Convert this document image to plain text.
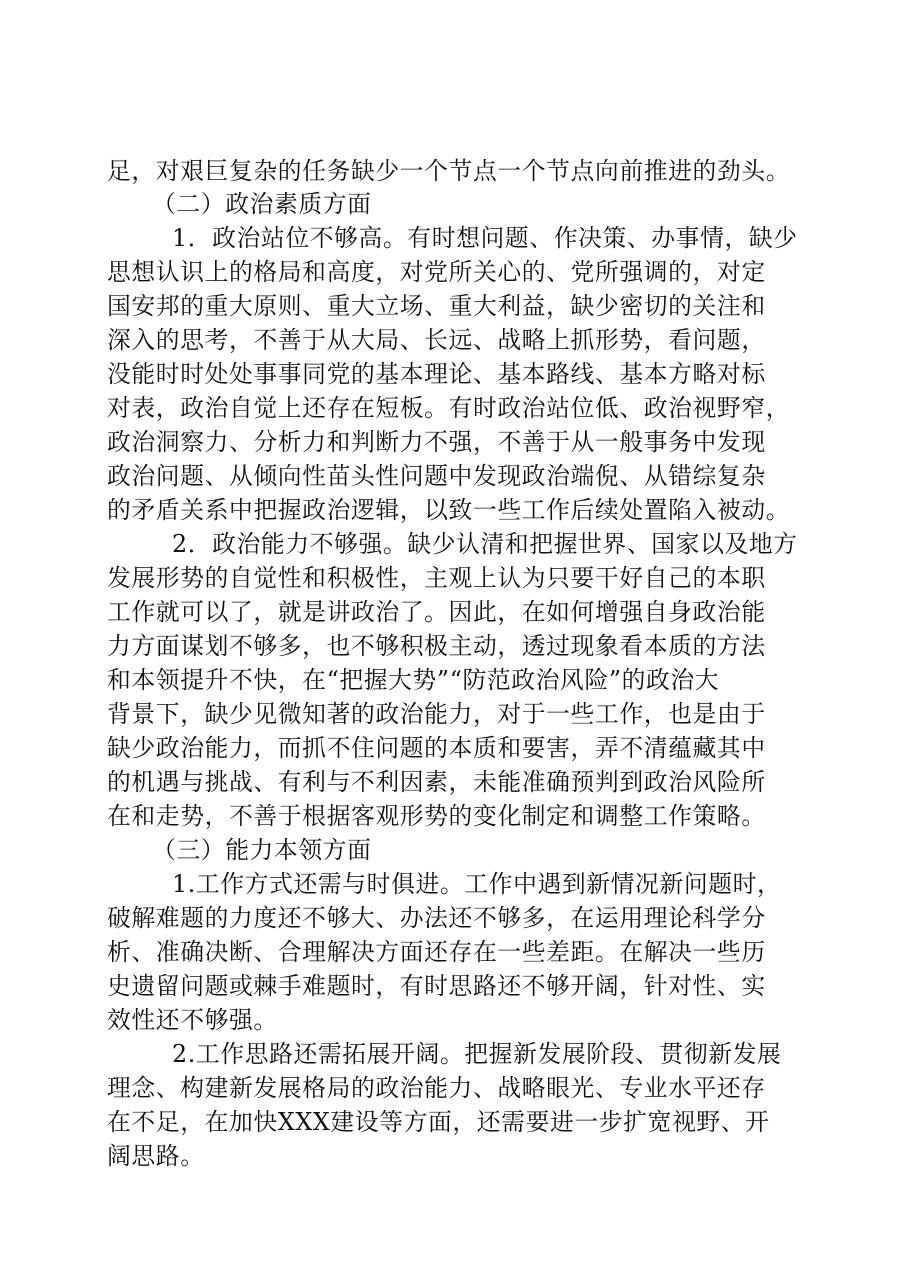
足，对艰巨复杂的任务缺少一个节点一个节点向前推进的劲头。
（二）政治素质方面
1．政治站位不够高。有时想问题、作决策、办事情，缺少
思想认识上的格局和高度，对党所关心的、党所强调的，对定
国安邦的重大原则、重大立场、重大利益，缺少密切的关注和
深入的思考，不善于从大局、长远、战略上抓形势，看问题，
没能时时处处事事同党的基本理论、基本路线、基本方略对标
对表，政治自觉上还存在短板。有时政治站位低、政治视野窄，
政治洞察力、分析力和判断力不强，不善于从一般事务中发现
政治问题、从倾向性苗头性问题中发现政治端倪、从错综复杂
的矛盾关系中把握政治逻辑，以致一些工作后续处置陷入被动。
2．政治能力不够强。缺少认清和把握世界、国家以及地方
发展形势的自觉性和积极性，主观上认为只要干好自己的本职
工作就可以了，就是讲政治了。因此，在如何增强自身政治能
力方面谋划不够多，也不够积极主动，透过现象看本质的方法
和本领提升不快，在“把握大势”“防范政治风险”的政治大
背景下，缺少见微知著的政治能力，对于一些工作，也是由于
缺少政治能力，而抓不住问题的本质和要害，弄不清蕴藏其中
的机遇与挑战、有利与不利因素，未能准确预判到政治风险所
在和走势，不善于根据客观形势的变化制定和调整工作策略。
（三）能力本领方面
1.工作方式还需与时俱进。工作中遇到新情况新问题时，
破解难题的力度还不够大、办法还不够多，在运用理论科学分
析、准确决断、合理解决方面还存在一些差距。在解决一些历
史遗留问题或棘手难题时，有时思路还不够开阔，针对性、实
效性还不够强。
2.工作思路还需拓展开阔。把握新发展阶段、贯彻新发展
理念、构建新发展格局的政治能力、战略眼光、专业水平还存
在不足，在加快XXX建设等方面，还需要进一步扩宽视野、开
阔思路。
